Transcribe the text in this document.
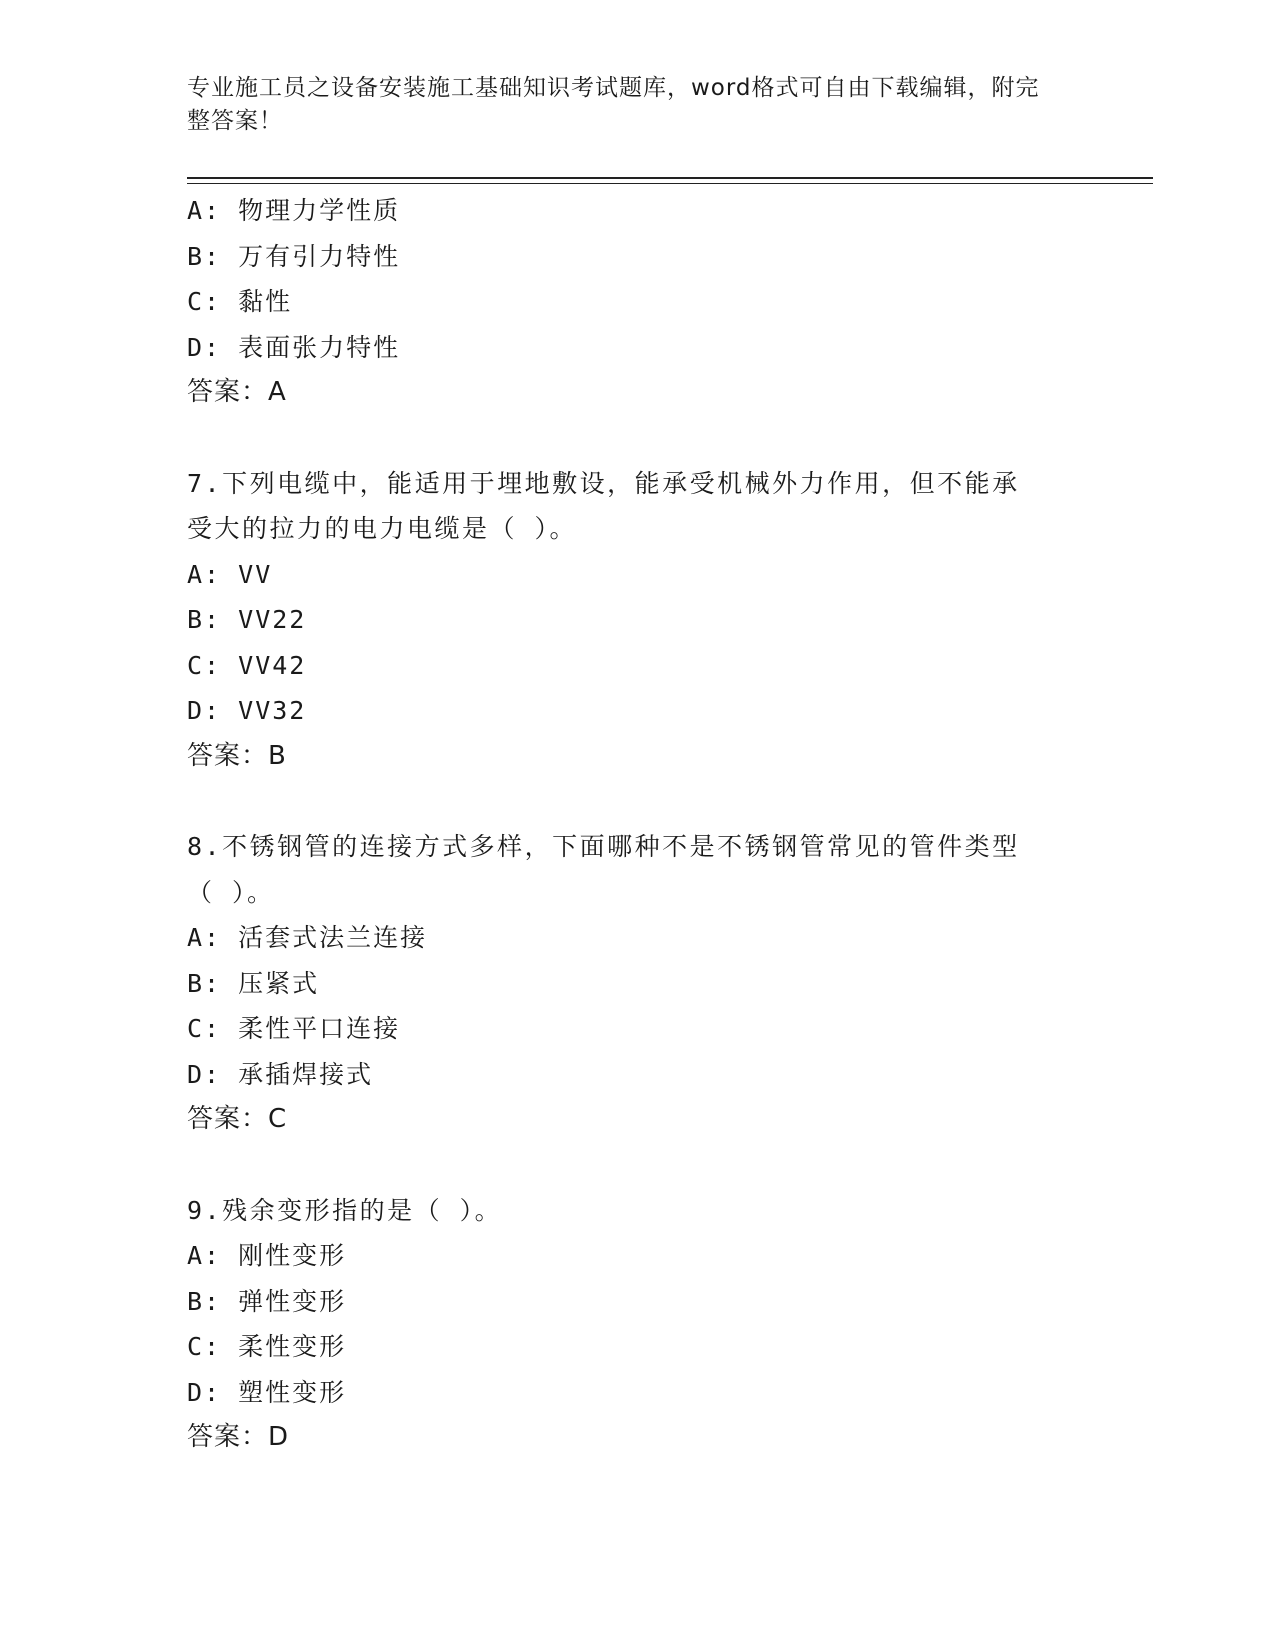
专业施工员之设备安装施工基础知识考试题库，word格式可自由下载编辑，附完
整答案！
A: 物理力学性质
B: 万有引力特性
C: 黏性
D: 表面张力特性
答案：A
7.下列电缆中，能适用于埋地敷设，能承受机械外力作用，但不能承
受大的拉力的电力电缆是（ ）。
A: VV
B: VV22
C: VV42
D: VV32
答案：B
8.不锈钢管的连接方式多样，下面哪种不是不锈钢管常见的管件类型
（ ）。
A: 活套式法兰连接
B: 压紧式
C: 柔性平口连接
D: 承插焊接式
答案：C
9.残余变形指的是（ ）。
A: 刚性变形
B: 弹性变形
C: 柔性变形
D: 塑性变形
答案：D
